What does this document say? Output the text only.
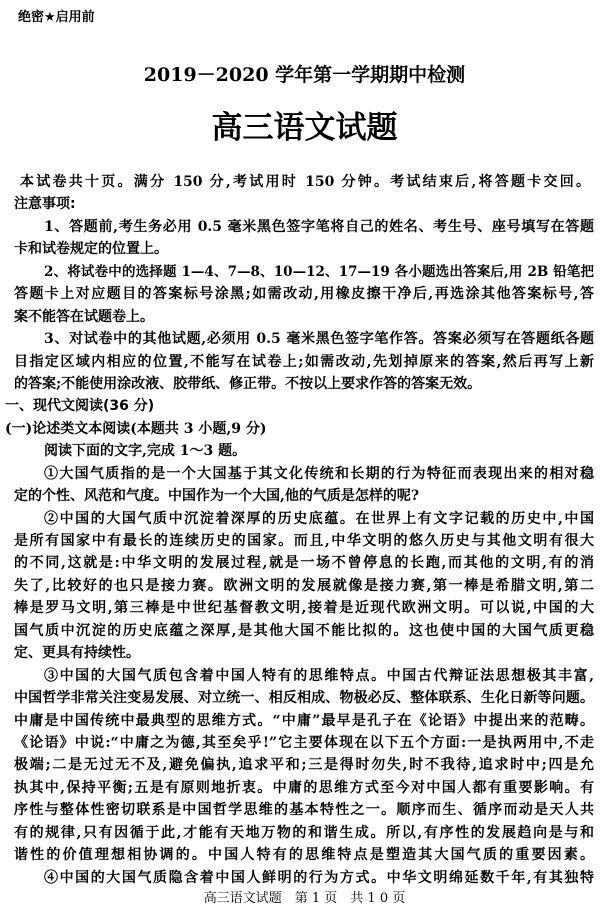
绝密★启用前
2019－2020 学年第一学期期中检测
高三语文试题
本试卷共十页。满分 150 分,考试用时 150 分钟。考试结束后,将答题卡交回。
注意事项:
1、答题前,考生务必用 0.5 毫米黑色签字笔将自己的姓名、考生号、座号填写在答题
卡和试卷规定的位置上。
2、将试卷中的选择题 1—4、7—8、10—12、17—19 各小题选出答案后,用 2B 铅笔把
答题卡上对应题目的答案标号涂黑;如需改动,用橡皮擦干净后,再选涂其他答案标号,答
案不能答在试题卷上。
3、对试卷中的其他试题,必须用 0.5 毫米黑色签字笔作答。答案必须写在答题纸各题
目指定区域内相应的位置,不能写在试卷上;如需改动,先划掉原来的答案,然后再写上新
的答案;不能使用涂改液、胶带纸、修正带。不按以上要求作答的答案无效。
一、现代文阅读(36 分)
(一)论述类文本阅读(本题共 3 小题,9 分)
阅读下面的文字,完成 1～3 题。
①大国气质指的是一个大国基于其文化传统和长期的行为特征而表现出来的相对稳
定的个性、风范和气度。中国作为一个大国,他的气质是怎样的呢?
②中国的大国气质中沉淀着深厚的历史底蕴。在世界上有文字记载的历史中,中国
是所有国家中有最长的连续历史的国家。而且,中华文明的悠久历史与其他文明有很大
的不同,这就是:中华文明的发展过程,就是一场不曾停息的长跑,而其他的文明,有的消
失了,比较好的也只是接力赛。欧洲文明的发展就像是接力赛,第一棒是希腊文明,第二
棒是罗马文明,第三棒是中世纪基督教文明,接着是近现代欧洲文明。可以说,中国的大
国气质中沉淀的历史底蕴之深厚,是其他大国不能比拟的。这也使中国的大国气质更稳
定、更具有持续性。
③中国的大国气质包含着中国人特有的思维特点。中国古代辩证法思想极其丰富,
中国哲学非常关注变易发展、对立统一、相反相成、物极必反、整体联系、生化日新等问题。
中庸是中国传统中最典型的思维方式。“中庸”最早是孔子在《论语》中提出来的范畴。
《论语》中说:“中庸之为德,其至矣乎!”它主要体现在以下五个方面:一是执两用中,不走
极端;二是无过无不及,避免偏执,追求平和;三是得时勿失,时不我待,追求时中;四是允
执其中,保持平衡;五是有原则地折衷。中庸的思维方式至今对中国人都有重要影响。有
序性与整体性密切联系是中国哲学思维的基本特性之一。顺序而生、循序而动是天人共
有的规律,只有因循于此,才能有天地万物的和谐生成。所以,有序性的发展趋向是与和
谐性的价值理想相协调的。中国人特有的思维特点是塑造其大国气质的重要因素。
④中国的大国气质隐含着中国人鲜明的行为方式。中华文明绵延数千年,有其独特
高三语文试题　第 1 页　共 1 0 页
